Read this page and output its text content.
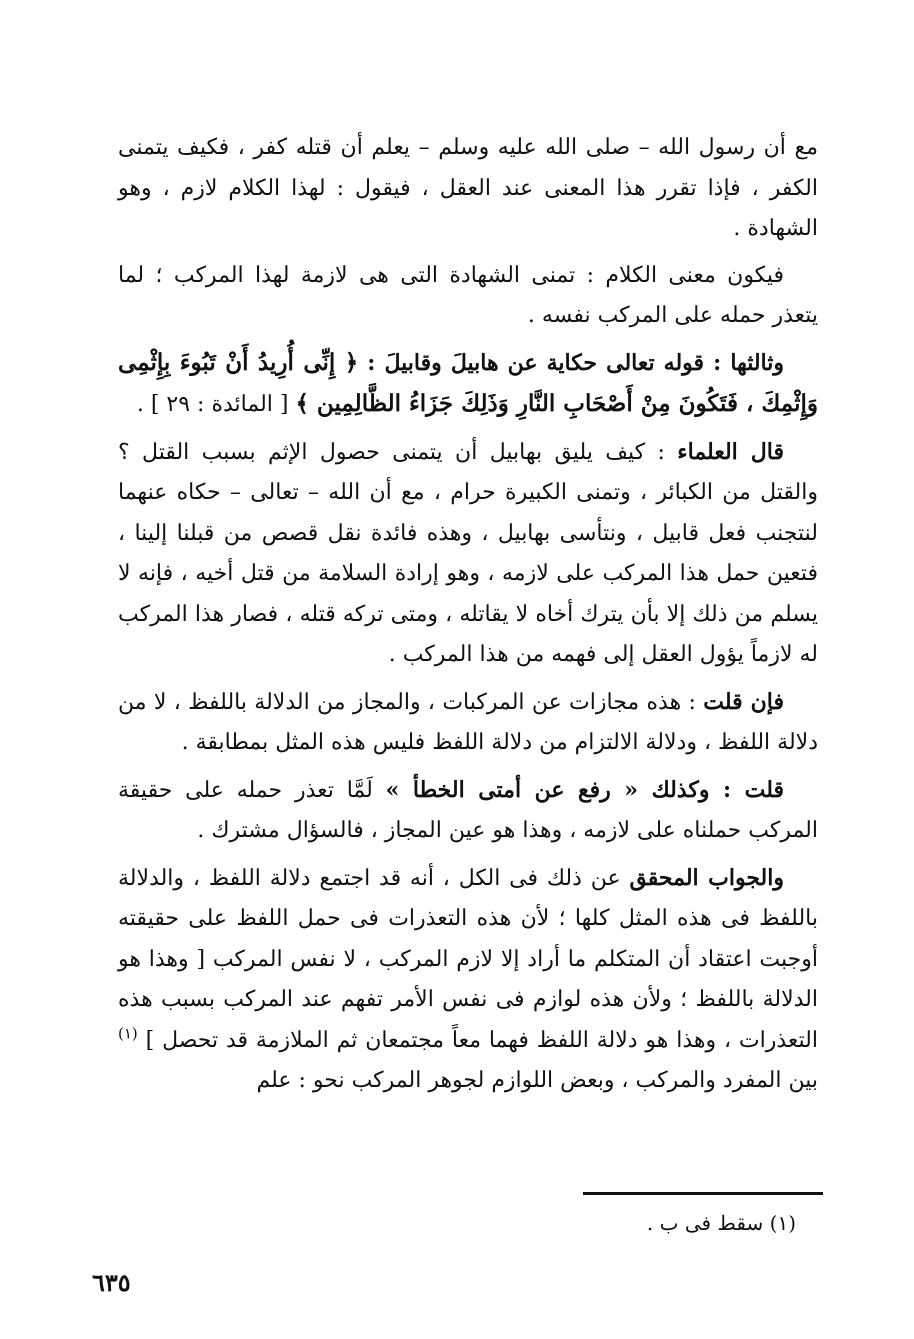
مع أن رسول الله – صلى الله عليه وسلم – يعلم أن قتله كفر ، فكيف يتمنى الكفر ، فإذا تقرر هذا المعنى عند العقل ، فيقول : لهذا الكلام لازم ، وهو الشهادة .

فيكون معنى الكلام : تمنى الشهادة التى هى لازمة لهذا المركب ؛ لما يتعذر حمله على المركب نفسه .

وثالثها : قوله تعالى حكاية عن هابيلَ وقابيلَ : ﴿ إِنِّى أُرِيدُ أَنْ تَبُوءَ بِإِثْمِى وَإِثْمِكَ ، فَتَكُونَ مِنْ أَصْحَابِ النَّارِ وَذَلِكَ جَزَاءُ الظَّالِمِين ﴾ [ المائدة : ٢٩ ] .

قال العلماء : كيف يليق بهابيل أن يتمنى حصول الإثم بسبب القتل ؟ والقتل من الكبائر ، وتمنى الكبيرة حرام ، مع أن الله – تعالى – حكاه عنهما لنتجنب فعل قابيل ، ونتأسى بهابيل ، وهذه فائدة نقل قصص من قبلنا إلينا ، فتعين حمل هذا المركب على لازمه ، وهو إرادة السلامة من قتل أخيه ، فإنه لا يسلم من ذلك إلا بأن يترك أخاه لا يقاتله ، ومتى تركه قتله ، فصار هذا المركب له لازماً يؤول العقل إلى فهمه من هذا المركب .

فإن قلت : هذه مجازات عن المركبات ، والمجاز من الدلالة باللفظ ، لا من دلالة اللفظ ، ودلالة الالتزام من دلالة اللفظ فليس هذه المثل بمطابقة .

قلت : وكذلك « رفع عن أمتى الخطأ » لَمَّا تعذر حمله على حقيقة المركب حملناه على لازمه ، وهذا هو عين المجاز ، فالسؤال مشترك .

والجواب المحقق عن ذلك فى الكل ، أنه قد اجتمع دلالة اللفظ ، والدلالة باللفظ فى هذه المثل كلها ؛ لأن هذه التعذرات فى حمل اللفظ على حقيقته أوجبت اعتقاد أن المتكلم ما أراد إلا لازم المركب ، لا نفس المركب [ وهذا هو الدلالة باللفظ ؛ ولأن هذه لوازم فى نفس الأمر تفهم عند المركب بسبب هذه التعذرات ، وهذا هو دلالة اللفظ فهما معاً مجتمعان ثم الملازمة قد تحصل ] $^{(١)}$ بين المفرد والمركب ، وبعض اللوازم لجوهر المركب نحو : علم

(١) سقط فى ب .
٦٣٥
